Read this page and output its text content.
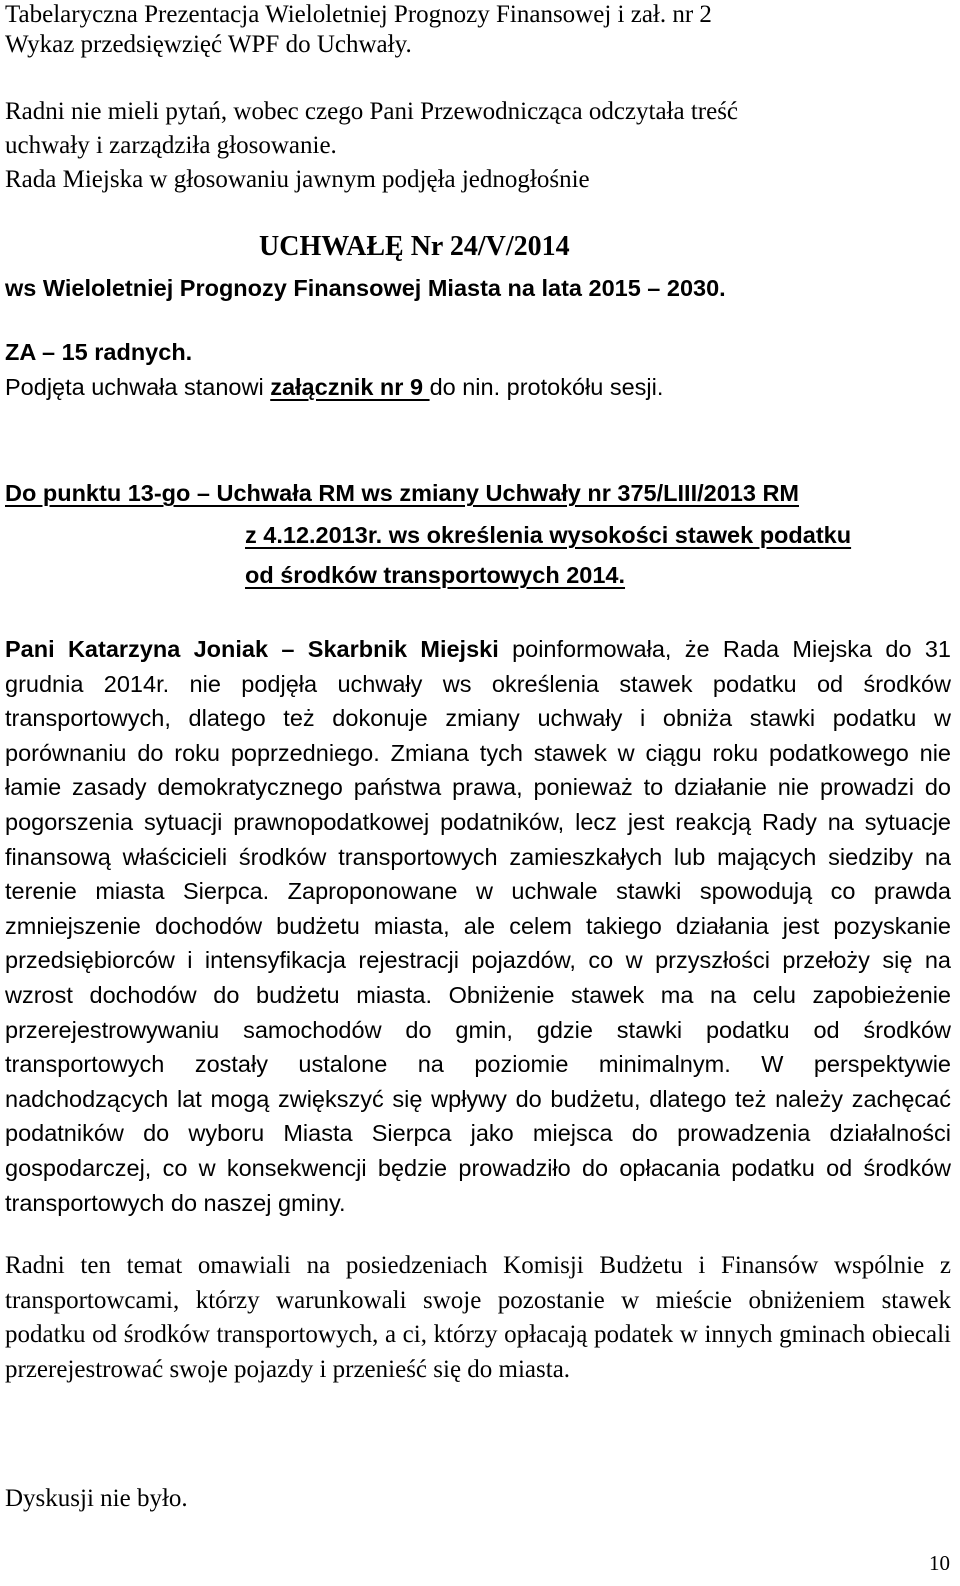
Tabelaryczna Prezentacja Wieloletniej Prognozy Finansowej i zał. nr 2
Wykaz przedsięwzięć WPF do Uchwały.
Radni nie mieli pytań, wobec czego Pani Przewodnicząca odczytała treść
uchwały i zarządziła głosowanie.
Rada Miejska w głosowaniu jawnym podjęła jednogłośnie
UCHWAŁĘ Nr 24/V/2014
ws Wieloletniej Prognozy Finansowej Miasta na lata 2015 – 2030.
ZA – 15 radnych.
Podjęta uchwała stanowi załącznik nr 9 do nin. protokółu sesji.
Do punktu 13-go – Uchwała RM ws zmiany Uchwały nr 375/LIII/2013 RM
z 4.12.2013r. ws określenia wysokości stawek podatku
od środków transportowych 2014.
Pani Katarzyna Joniak – Skarbnik Miejski poinformowała, że Rada Miejska do 31 grudnia 2014r. nie podjęła uchwały ws określenia stawek podatku od środków transportowych, dlatego też dokonuje zmiany uchwały i obniża stawki podatku w porównaniu do roku poprzedniego. Zmiana tych stawek w ciągu roku podatkowego nie łamie zasady demokratycznego państwa prawa, ponieważ to działanie nie prowadzi do pogorszenia sytuacji prawnopodatkowej podatników, lecz jest reakcją Rady na sytuacje finansową właścicieli środków transportowych zamieszkałych lub mających siedziby na terenie miasta Sierpca. Zaproponowane w uchwale stawki spowodują co prawda zmniejszenie dochodów budżetu miasta, ale celem takiego działania jest pozyskanie przedsiębiorców i intensyfikacja rejestracji pojazdów, co w przyszłości przełoży się na wzrost dochodów do budżetu miasta. Obniżenie stawek ma na celu zapobieżenie przerejestrowywaniu samochodów do gmin, gdzie stawki podatku od środków transportowych zostały ustalone na poziomie minimalnym. W perspektywie nadchodzących lat mogą zwiększyć się wpływy do budżetu, dlatego też należy zachęcać podatników do wyboru Miasta Sierpca jako miejsca do prowadzenia działalności gospodarczej, co w konsekwencji będzie prowadziło do opłacania podatku od środków transportowych do naszej gminy.
Radni ten temat omawiali na posiedzeniach Komisji Budżetu i Finansów wspólnie z transportowcami, którzy warunkowali swoje pozostanie w mieście obniżeniem stawek podatku od środków transportowych, a ci, którzy opłacają podatek w innych gminach obiecali przerejestrować swoje pojazdy i przenieść się do miasta.
Dyskusji nie było.
10
